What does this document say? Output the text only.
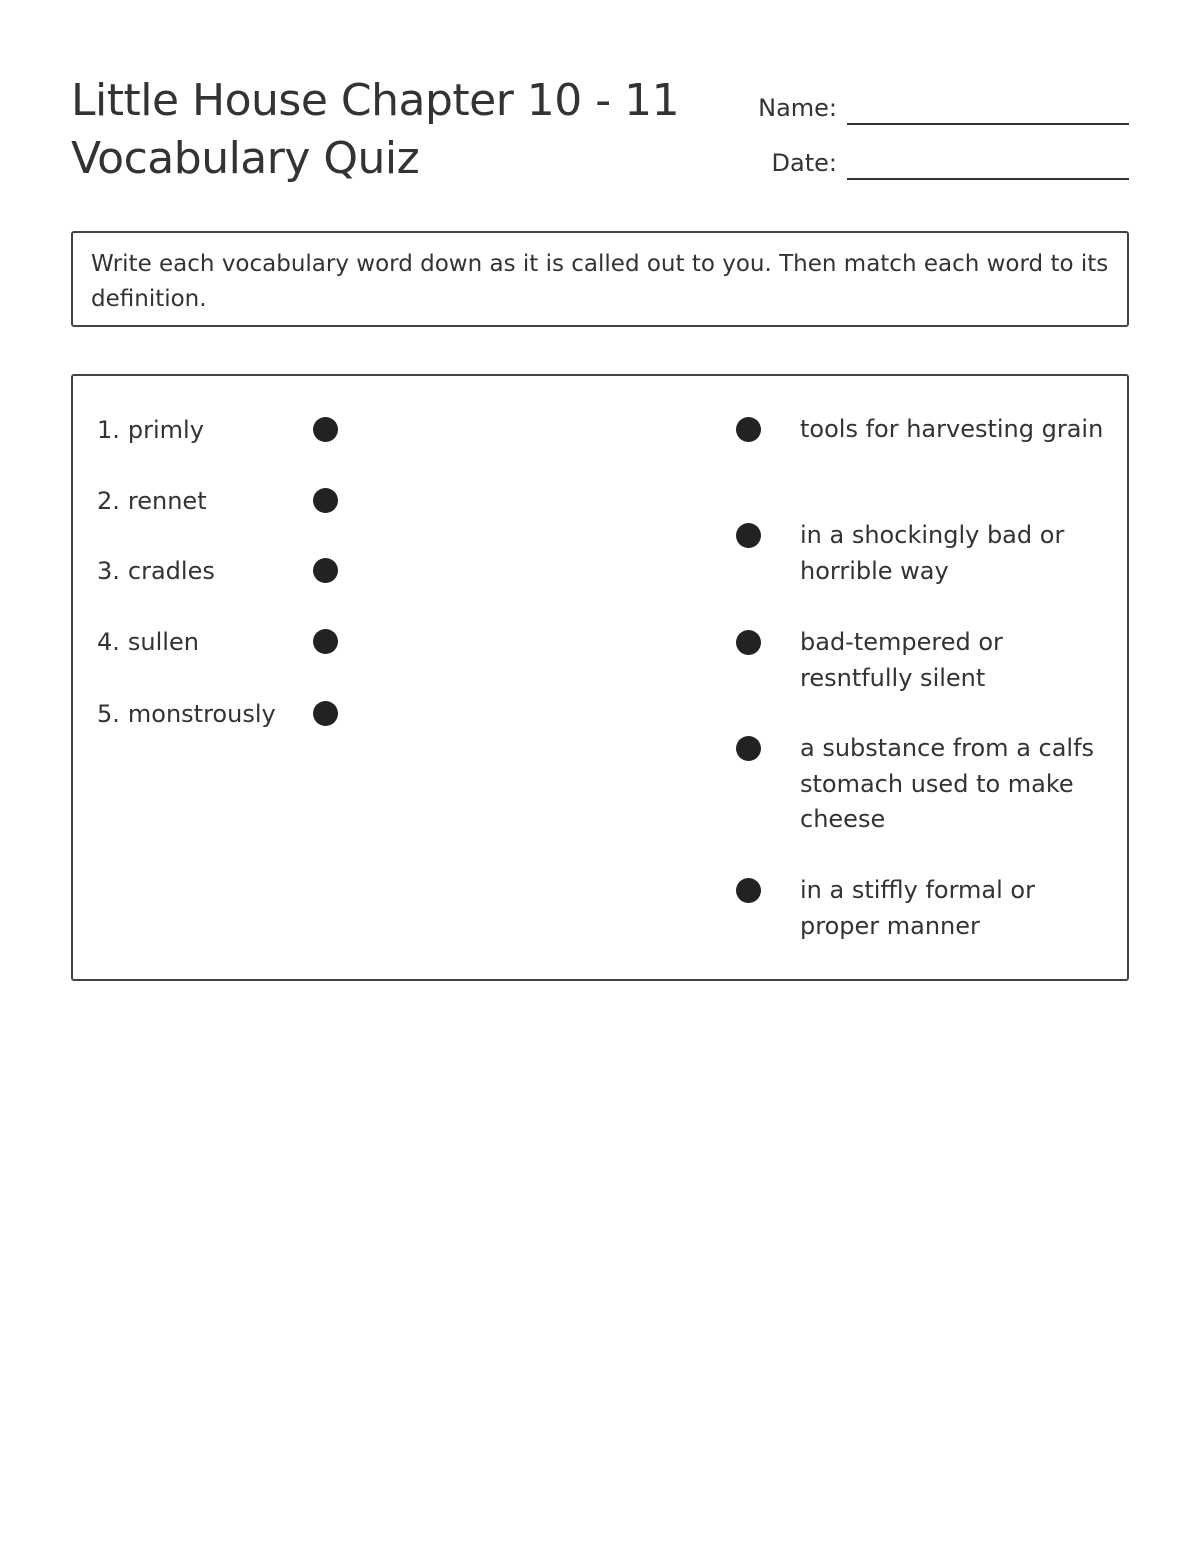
Little House Chapter 10 - 11
Vocabulary Quiz
Name:
Date:
Write each vocabulary word down as it is called out to you. Then match each word to its definition.
1. primly
2. rennet
3. cradles
4. sullen
5. monstrously
tools for harvesting grain
in a shockingly bad or horrible way
bad-tempered or resntfully silent
a substance from a calfs stomach used to make cheese
in a stiffly formal or proper manner
